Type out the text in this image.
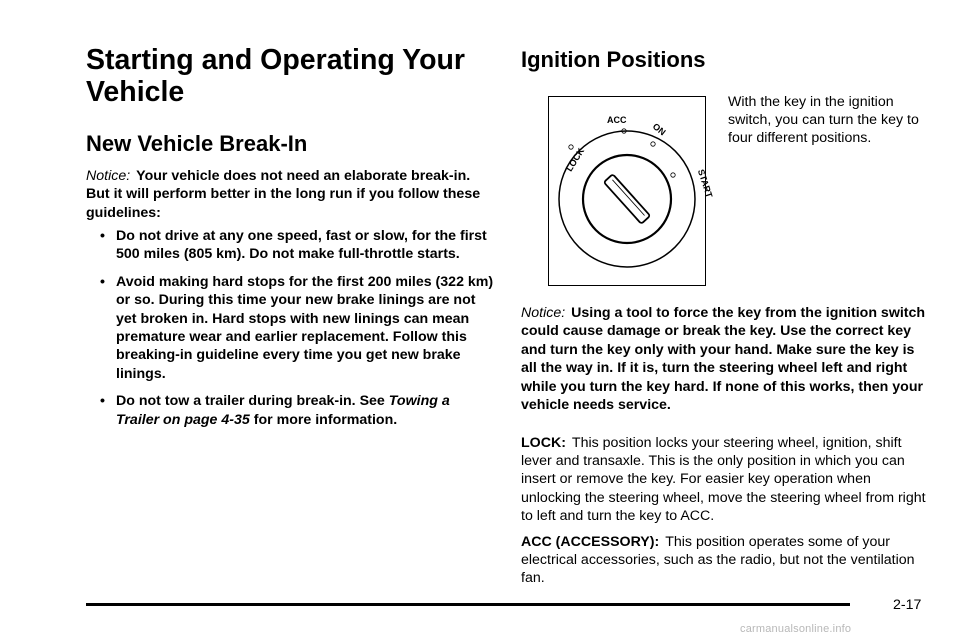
Starting and Operating Your Vehicle
New Vehicle Break-In

Notice: Your vehicle does not need an elaborate break-in. But it will perform better in the long run if you follow these guidelines:

• Do not drive at any one speed, fast or slow, for the first 500 miles (805 km). Do not make full-throttle starts.
• Avoid making hard stops for the first 200 miles (322 km) or so. During this time your new brake linings are not yet broken in. Hard stops with new linings can mean premature wear and earlier replacement. Follow this breaking-in guideline every time you get new brake linings.
• Do not tow a trailer during break-in. See Towing a Trailer on page 4-35 for more information.
Ignition Positions

Notice: Using a tool to force the key from the ignition switch could cause damage or break the key. Use the correct key and turn the key only with your hand. Make sure the key is all the way in. If it is, turn the steering wheel left and right while you turn the key hard. If none of this works, then your vehicle needs service.

LOCK: This position locks your steering wheel, ignition, shift lever and transaxle. This is the only position in which you can insert or remove the key. For easier key operation when unlocking the steering wheel, move the steering wheel from right to left and turn the key to ACC.

ACC (ACCESSORY): This position operates some of your electrical accessories, such as the radio, but not the ventilation fan.

LOCK
ACC
ON
START

With the key in the ignition switch, you can turn the key to four different positions.

2-17
carmanualsonline.info
